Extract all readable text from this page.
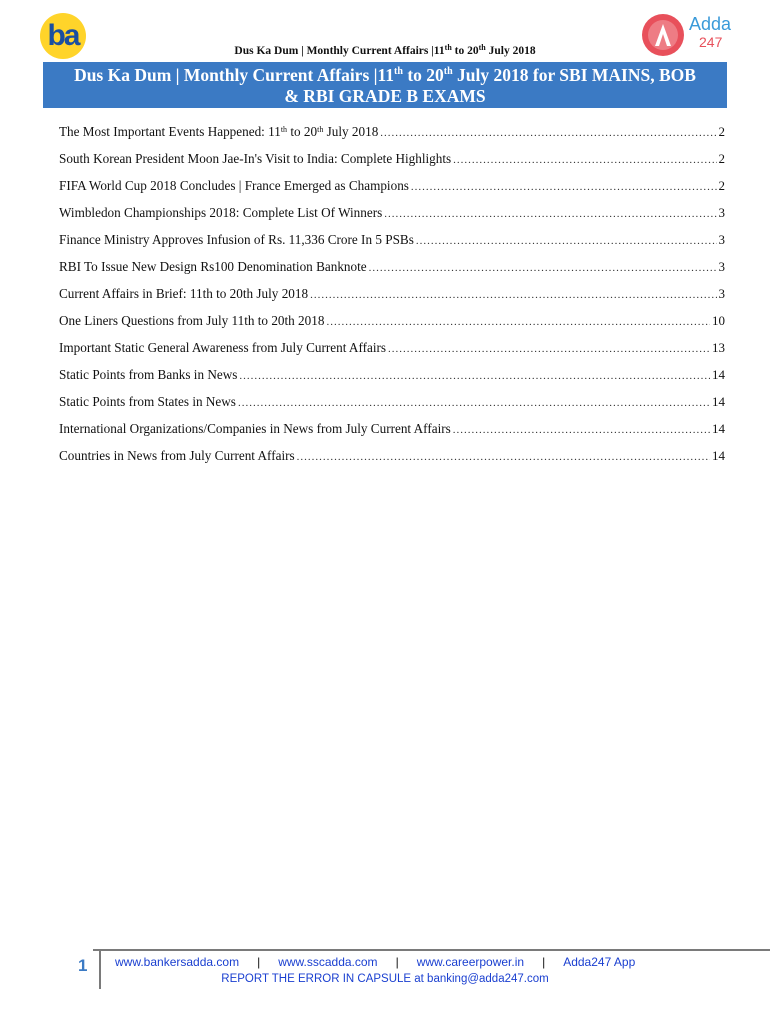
ba	Adda
247
Dus Ka Dum | Monthly Current Affairs |11th to 20th July 2018
Dus Ka Dum | Monthly Current Affairs |11th to 20th July 2018 for SBI MAINS, BOB
& RBI GRADE B EXAMS
The Most Important Events Happened: 11th to 20th July 2018 .....	2
South Korean President Moon Jae-In's Visit to India: Complete Highlights .....	2
FIFA World Cup 2018 Concludes | France Emerged as Champions .....	2
Wimbledon Championships 2018: Complete List Of Winners .....	3
Finance Ministry Approves Infusion of Rs. 11,336 Crore In 5 PSBs .....	3
RBI To Issue New Design Rs100 Denomination Banknote .....	3
Current Affairs in Brief: 11th to 20th July 2018 .....	3
One Liners Questions from July 11th to 20th 2018 .....	10
Important Static General Awareness from July Current Affairs .....	13
Static Points from Banks in News .....	14
Static Points from States in News .....	14
International Organizations/Companies in News from July Current Affairs .....	14
Countries in News from July Current Affairs .....	14
1 www.bankersadda.com | www.sscadda.com | www.careerpower.in | Adda247 App
REPORT THE ERROR IN CAPSULE at banking@adda247.com
